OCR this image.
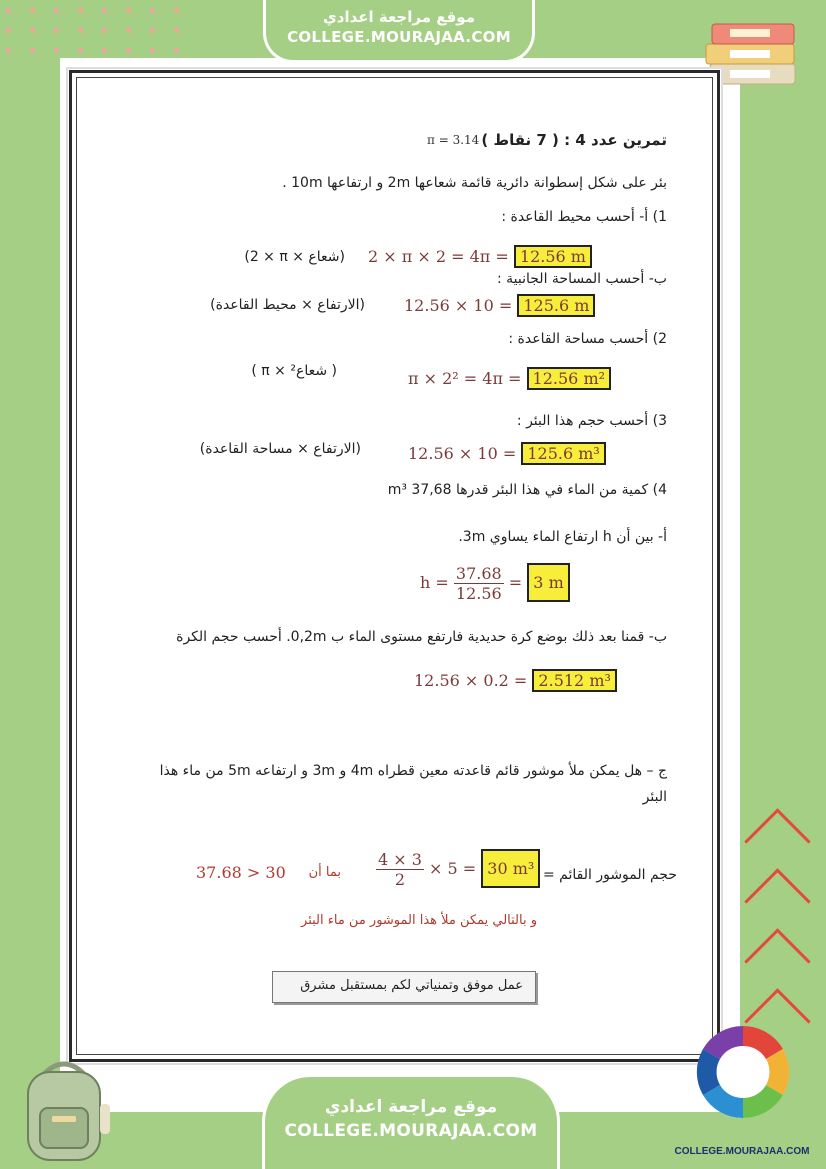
موقع مراجعة اعدادي
COLLEGE.MOURAJAA.COM
تمرين عدد 4 : ( 7 نقاط )
π = 3.14
بئر على شكل إسطوانة دائرية قائمة شعاعها 2m و ارتفاعها 10m .
1) أ- أحسب محيط القاعدة :
(2 × π × شعاع) 2 × π × 2 = 4π = 12.56 m
ب- أحسب المساحة الجانبية :
(الارتفاع × محيط القاعدة) 12.56 × 10 = 125.6 m
2) أحسب مساحة القاعدة :
( π × شعاع² )	π × 2² = 4π = 12.56 m²
3) أحسب حجم هذا البئر :
(الارتفاع × مساحة القاعدة)	12.56 × 10 = 125.6 m³
4) كمية من الماء في هذا البئر قدرها 37,68 m³
أ- بين أن h ارتفاع الماء يساوي 3m.
$h = \frac{37.68}{12.56} = 3$ m
ب- قمنا بعد ذلك بوضع كرة حديدية فارتفع مستوى الماء ب 0,2m. أحسب حجم الكرة
12.56 × 0.2 = 2.512 m³
ج – هل يمكن ملأ موشور قائم قاعدته معين قطراه 4m و 3m و ارتفاعه 5m من ماء هذا
البئر
حجم الموشور القائم =
$\frac{4 \times 3}{2} \times 5 = 30$ m³
بما أن
37.68 > 30
و بالتالي يمكن ملأ هذا الموشور من ماء البئر
عمل موفق وتمنياتي لكم بمستقبل مشرق
موقع مراجعة اعدادي
COLLEGE.MOURAJAA.COM
COLLEGE.MOURAJAA.COM
